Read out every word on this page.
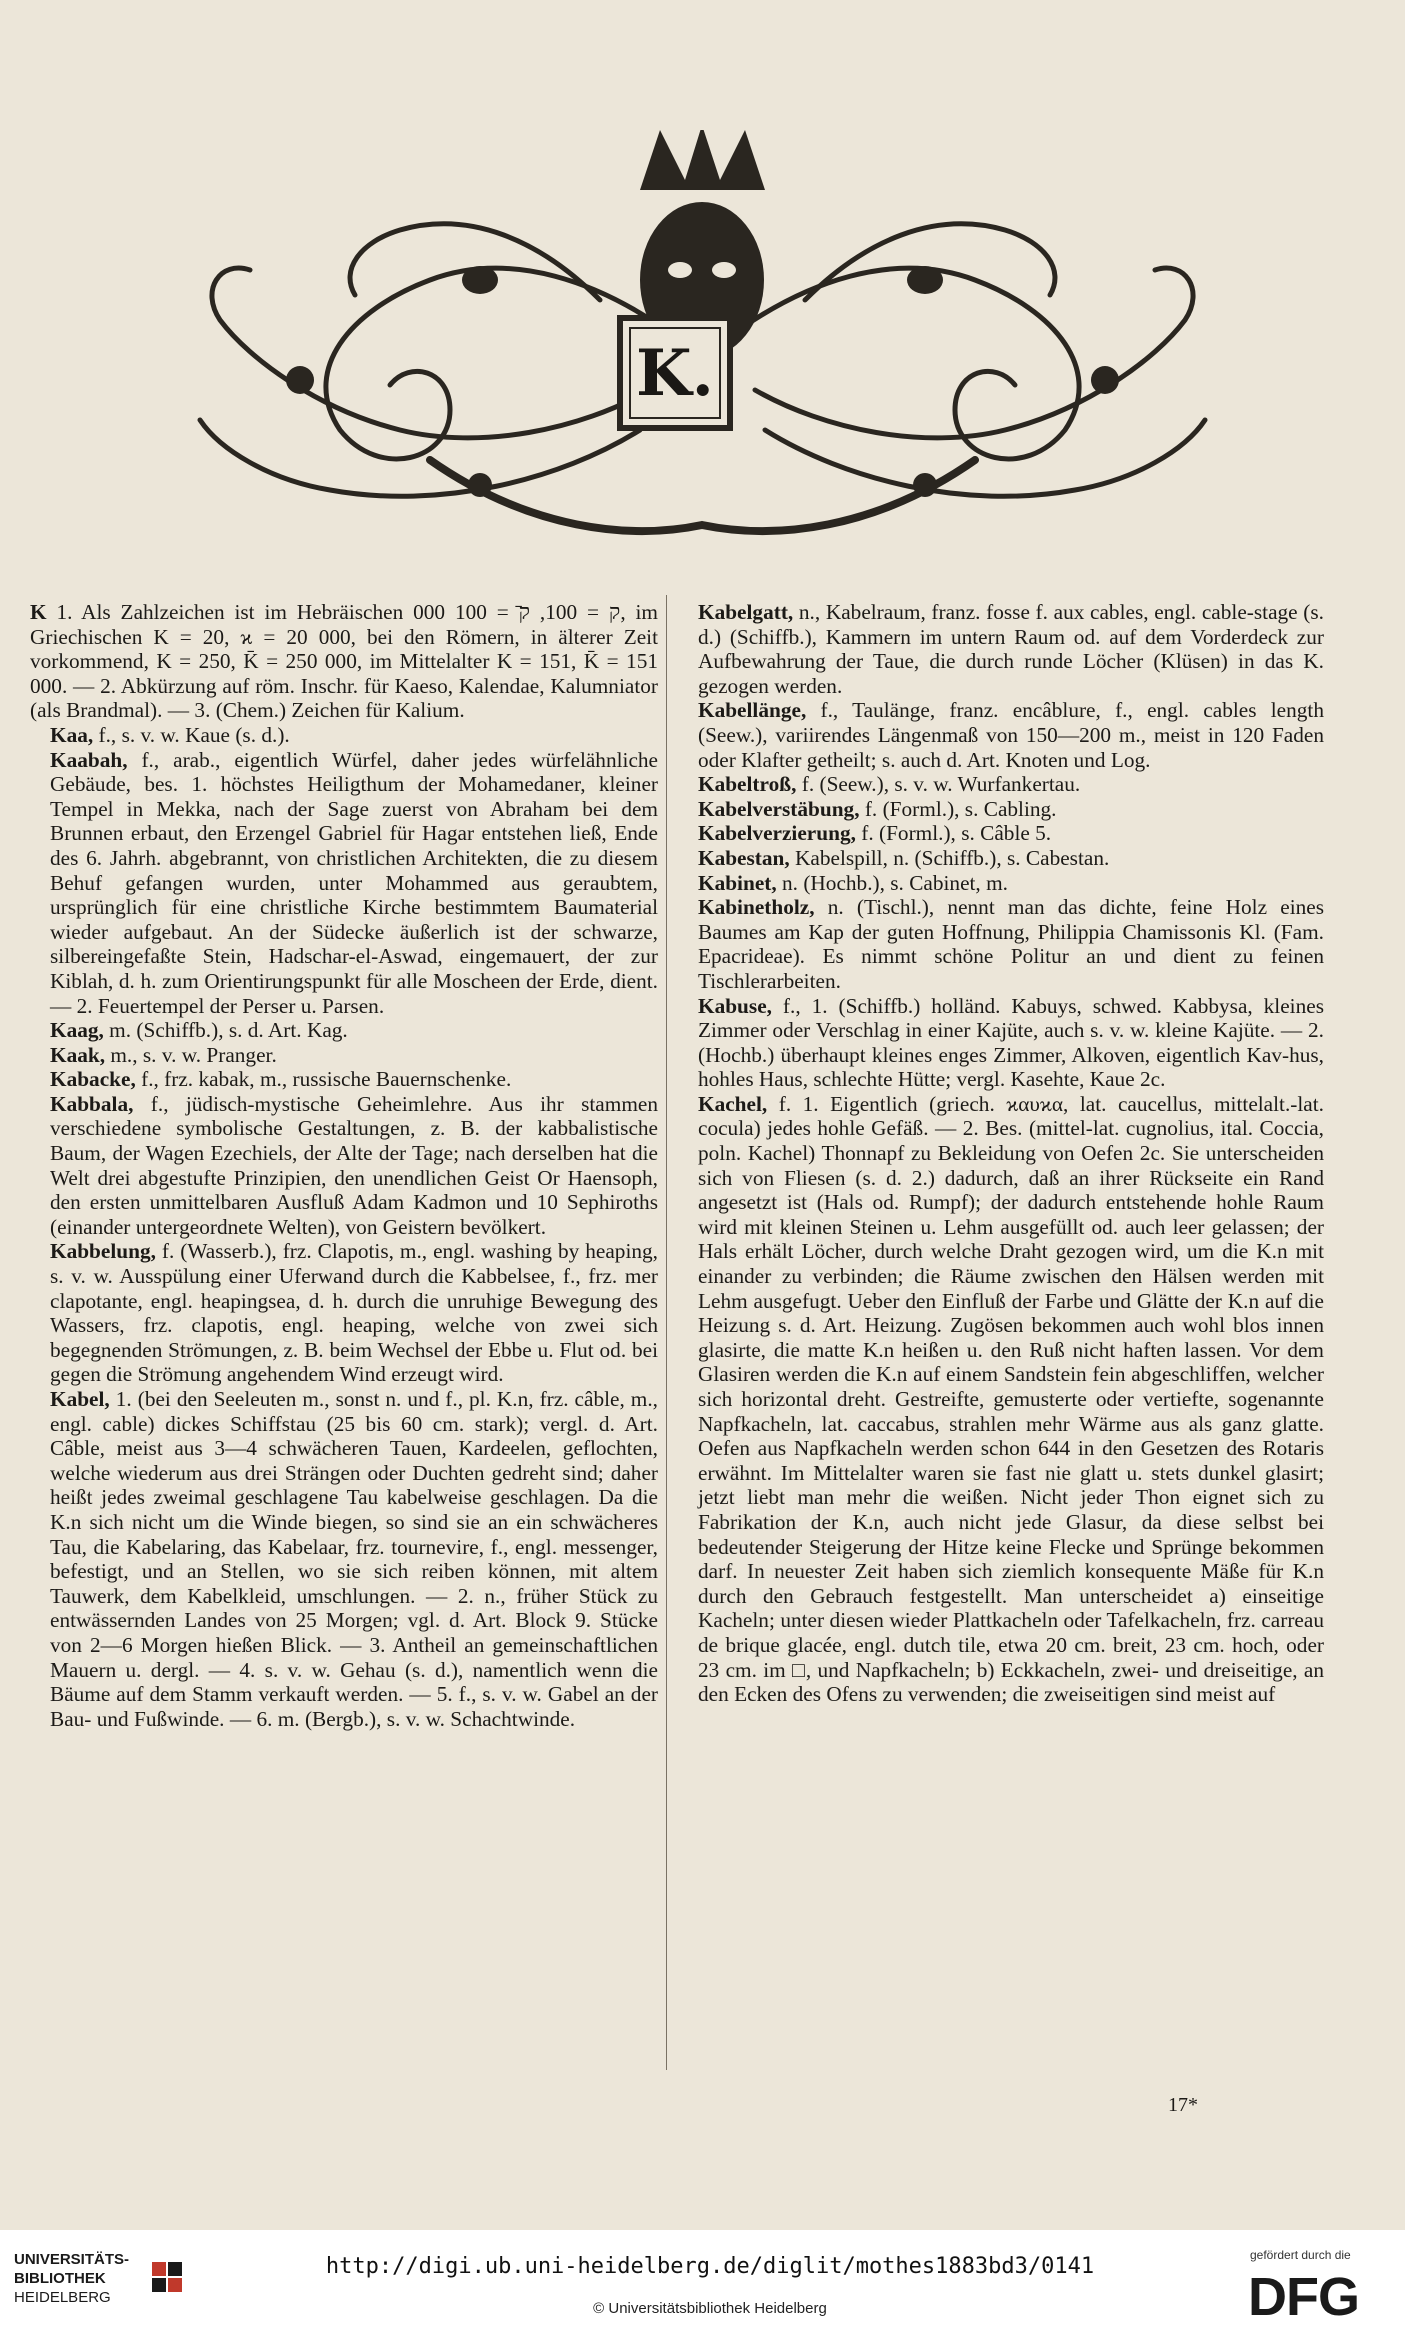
K.

K 1. Als Zahlzeichen ist im Hebräischen ק = 100, ק̄ = 100 000, im Griechischen K = 20, ϰ = 20 000, bei den Römern, in älterer Zeit vorkommend, K = 250, K̄ = 250 000, im Mittelalter K = 151, K̄ = 151 000. — 2. Abkürzung auf röm. Inschr. für Kaeso, Kalendae, Kalumniator (als Brandmal). — 3. (Chem.) Zeichen für Kalium.

Kaa, f., s. v. w. Kaue (s. d.).

Kaabah, f., arab., eigentlich Würfel, daher jedes würfelähnliche Gebäude, bes. 1. höchstes Heiligthum der Mohamedaner, kleiner Tempel in Mekka, nach der Sage zuerst von Abraham bei dem Brunnen erbaut, den Erzengel Gabriel für Hagar entstehen ließ, Ende des 6. Jahrh. abgebrannt, von christlichen Architekten, die zu diesem Behuf gefangen wurden, unter Mohammed aus geraubtem, ursprünglich für eine christliche Kirche bestimmtem Baumaterial wieder aufgebaut. An der Südecke äußerlich ist der schwarze, silbereingefaßte Stein, Hadschar-el-Aswad, eingemauert, der zur Kiblah, d. h. zum Orientirungspunkt für alle Moscheen der Erde, dient. — 2. Feuertempel der Perser u. Parsen.

Kaag, m. (Schiffb.), s. d. Art. Kag.

Kaak, m., s. v. w. Pranger.

Kabacke, f., frz. kabak, m., russische Bauernschenke.

Kabbala, f., jüdisch-mystische Geheimlehre. Aus ihr stammen verschiedene symbolische Gestaltungen, z. B. der kabbalistische Baum, der Wagen Ezechiels, der Alte der Tage; nach derselben hat die Welt drei abgestufte Prinzipien, den unendlichen Geist Or Haensoph, den ersten unmittelbaren Ausfluß Adam Kadmon und 10 Sephiroths (einander untergeordnete Welten), von Geistern bevölkert.

Kabbelung, f. (Wasserb.), frz. Clapotis, m., engl. washing by heaping, s. v. w. Ausspülung einer Uferwand durch die Kabbelsee, f., frz. mer clapotante, engl. heapingsea, d. h. durch die unruhige Bewegung des Wassers, frz. clapotis, engl. heaping, welche von zwei sich begegnenden Strömungen, z. B. beim Wechsel der Ebbe u. Flut od. bei gegen die Strömung angehendem Wind erzeugt wird.

Kabel, 1. (bei den Seeleuten m., sonst n. und f., pl. K.n, frz. câble, m., engl. cable) dickes Schiffstau (25 bis 60 cm. stark); vergl. d. Art. Câble, meist aus 3—4 schwächeren Tauen, Kardeelen, geflochten, welche wiederum aus drei Strängen oder Duchten gedreht sind; daher heißt jedes zweimal geschlagene Tau kabelweise geschlagen. Da die K.n sich nicht um die Winde biegen, so sind sie an ein schwächeres Tau, die Kabelaring, das Kabelaar, frz. tournevire, f., engl. messenger, befestigt, und an Stellen, wo sie sich reiben können, mit altem Tauwerk, dem Kabelkleid, umschlungen. — 2. n., früher Stück zu entwässernden Landes von 25 Morgen; vgl. d. Art. Block 9. Stücke von 2—6 Morgen hießen Blick. — 3. Antheil an gemeinschaftlichen Mauern u. dergl. — 4. s. v. w. Gehau (s. d.), namentlich wenn die Bäume auf dem Stamm verkauft werden. — 5. f., s. v. w. Gabel an der Bau- und Fußwinde. — 6. m. (Bergb.), s. v. w. Schachtwinde.

Kabelgatt, n., Kabelraum, franz. fosse f. aux cables, engl. cable-stage (s. d.) (Schiffb.), Kammern im untern Raum od. auf dem Vorderdeck zur Aufbewahrung der Taue, die durch runde Löcher (Klüsen) in das K. gezogen werden.

Kabellänge, f., Taulänge, franz. encâblure, f., engl. cables length (Seew.), variirendes Längenmaß von 150—200 m., meist in 120 Faden oder Klafter getheilt; s. auch d. Art. Knoten und Log.

Kabeltroß, f. (Seew.), s. v. w. Wurfankertau.

Kabelverstäbung, f. (Forml.), s. Cabling.

Kabelverzierung, f. (Forml.), s. Câble 5.

Kabestan, Kabelspill, n. (Schiffb.), s. Cabestan.

Kabinet, n. (Hochb.), s. Cabinet, m.

Kabinetholz, n. (Tischl.), nennt man das dichte, feine Holz eines Baumes am Kap der guten Hoffnung, Philippia Chamissonis Kl. (Fam. Epacrideae). Es nimmt schöne Politur an und dient zu feinen Tischlerarbeiten.

Kabuse, f., 1. (Schiffb.) holländ. Kabuys, schwed. Kabbysa, kleines Zimmer oder Verschlag in einer Kajüte, auch s. v. w. kleine Kajüte. — 2. (Hochb.) überhaupt kleines enges Zimmer, Alkoven, eigentlich Kav-hus, hohles Haus, schlechte Hütte; vergl. Kasehte, Kaue 2c.

Kachel, f. 1. Eigentlich (griech. ϰαυϰα, lat. caucellus, mittelalt.-lat. cocula) jedes hohle Gefäß. — 2. Bes. (mittel-lat. cugnolius, ital. Coccia, poln. Kachel) Thonnapf zu Bekleidung von Oefen 2c. Sie unterscheiden sich von Fliesen (s. d. 2.) dadurch, daß an ihrer Rückseite ein Rand angesetzt ist (Hals od. Rumpf); der dadurch entstehende hohle Raum wird mit kleinen Steinen u. Lehm ausgefüllt od. auch leer gelassen; der Hals erhält Löcher, durch welche Draht gezogen wird, um die K.n mit einander zu verbinden; die Räume zwischen den Hälsen werden mit Lehm ausgefugt. Ueber den Einfluß der Farbe und Glätte der K.n auf die Heizung s. d. Art. Heizung. Zugösen bekommen auch wohl blos innen glasirte, die matte K.n heißen u. den Ruß nicht haften lassen. Vor dem Glasiren werden die K.n auf einem Sandstein fein abgeschliffen, welcher sich horizontal dreht. Gestreifte, gemusterte oder vertiefte, sogenannte Napfkacheln, lat. caccabus, strahlen mehr Wärme aus als ganz glatte. Oefen aus Napfkacheln werden schon 644 in den Gesetzen des Rotaris erwähnt. Im Mittelalter waren sie fast nie glatt u. stets dunkel glasirt; jetzt liebt man mehr die weißen. Nicht jeder Thon eignet sich zu Fabrikation der K.n, auch nicht jede Glasur, da diese selbst bei bedeutender Steigerung der Hitze keine Flecke und Sprünge bekommen darf. In neuester Zeit haben sich ziemlich konsequente Mäße für K.n durch den Gebrauch festgestellt. Man unterscheidet a) einseitige Kacheln; unter diesen wieder Plattkacheln oder Tafelkacheln, frz. carreau de brique glacée, engl. dutch tile, etwa 20 cm. breit, 23 cm. hoch, oder 23 cm. im □, und Napfkacheln; b) Eckkacheln, zwei- und dreiseitige, an den Ecken des Ofens zu verwenden; die zweiseitigen sind meist auf

17*
UNIVERSITÄTS-
BIBLIOTHEK
HEIDELBERG
http://digi.ub.uni-heidelberg.de/diglit/mothes1883bd3/0141
© Universitätsbibliothek Heidelberg
gefördert durch die
DFG
